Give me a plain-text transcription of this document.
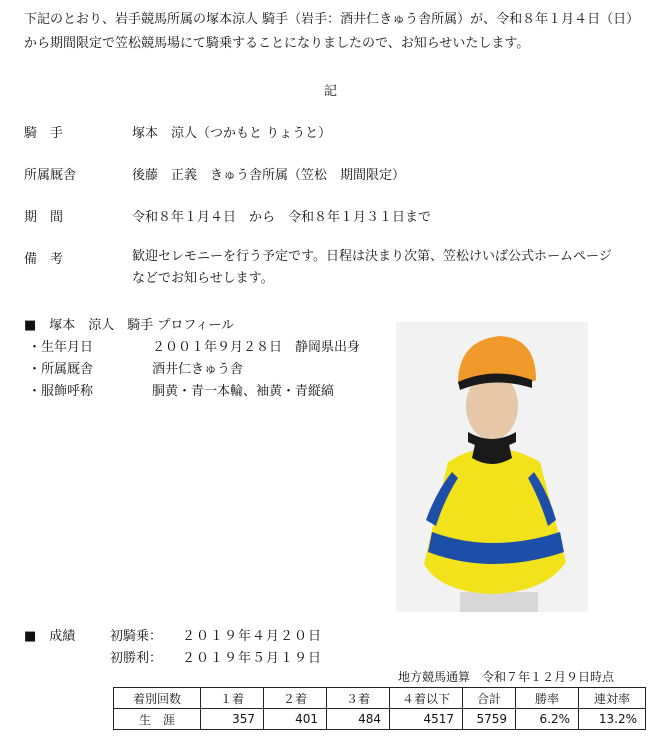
下記のとおり、岩手競馬所属の塚本涼人 騎手（岩手：酒井仁きゅう舎所属）が、令和８年１月４日（日）から期間限定で笠松競馬場にて騎乗することになりましたので、お知らせいたします。
記
騎　手	塚本　涼人（つかもと りょうと）
所属厩舎	後藤　正義　きゅう舎所属（笠松　期間限定）
期　間	令和８年１月４日　から　令和８年１月３１日まで
備　考	歓迎セレモニーを行う予定です。日程は決まり次第、笠松けいば公式ホームページなどでお知らせします。
■　塚本　涼人　騎手 プロフィール
・生年月日	２００１年９月２８日　静岡県出身
・所属厩舎	酒井仁きゅう舎
・服飾呼称	胴黄・青一本輪、袖黄・青縦縞
■　成績	初騎乗： ２０１９年４月２０日
初勝利： ２０１９年５月１９日
地方競馬通算　令和７年１２月９日時点
着別回数	１着	２着	３着	４着以下	合計	勝率	連対率
生　涯	357	401	484	4517	5759	6.2%	13.2%
